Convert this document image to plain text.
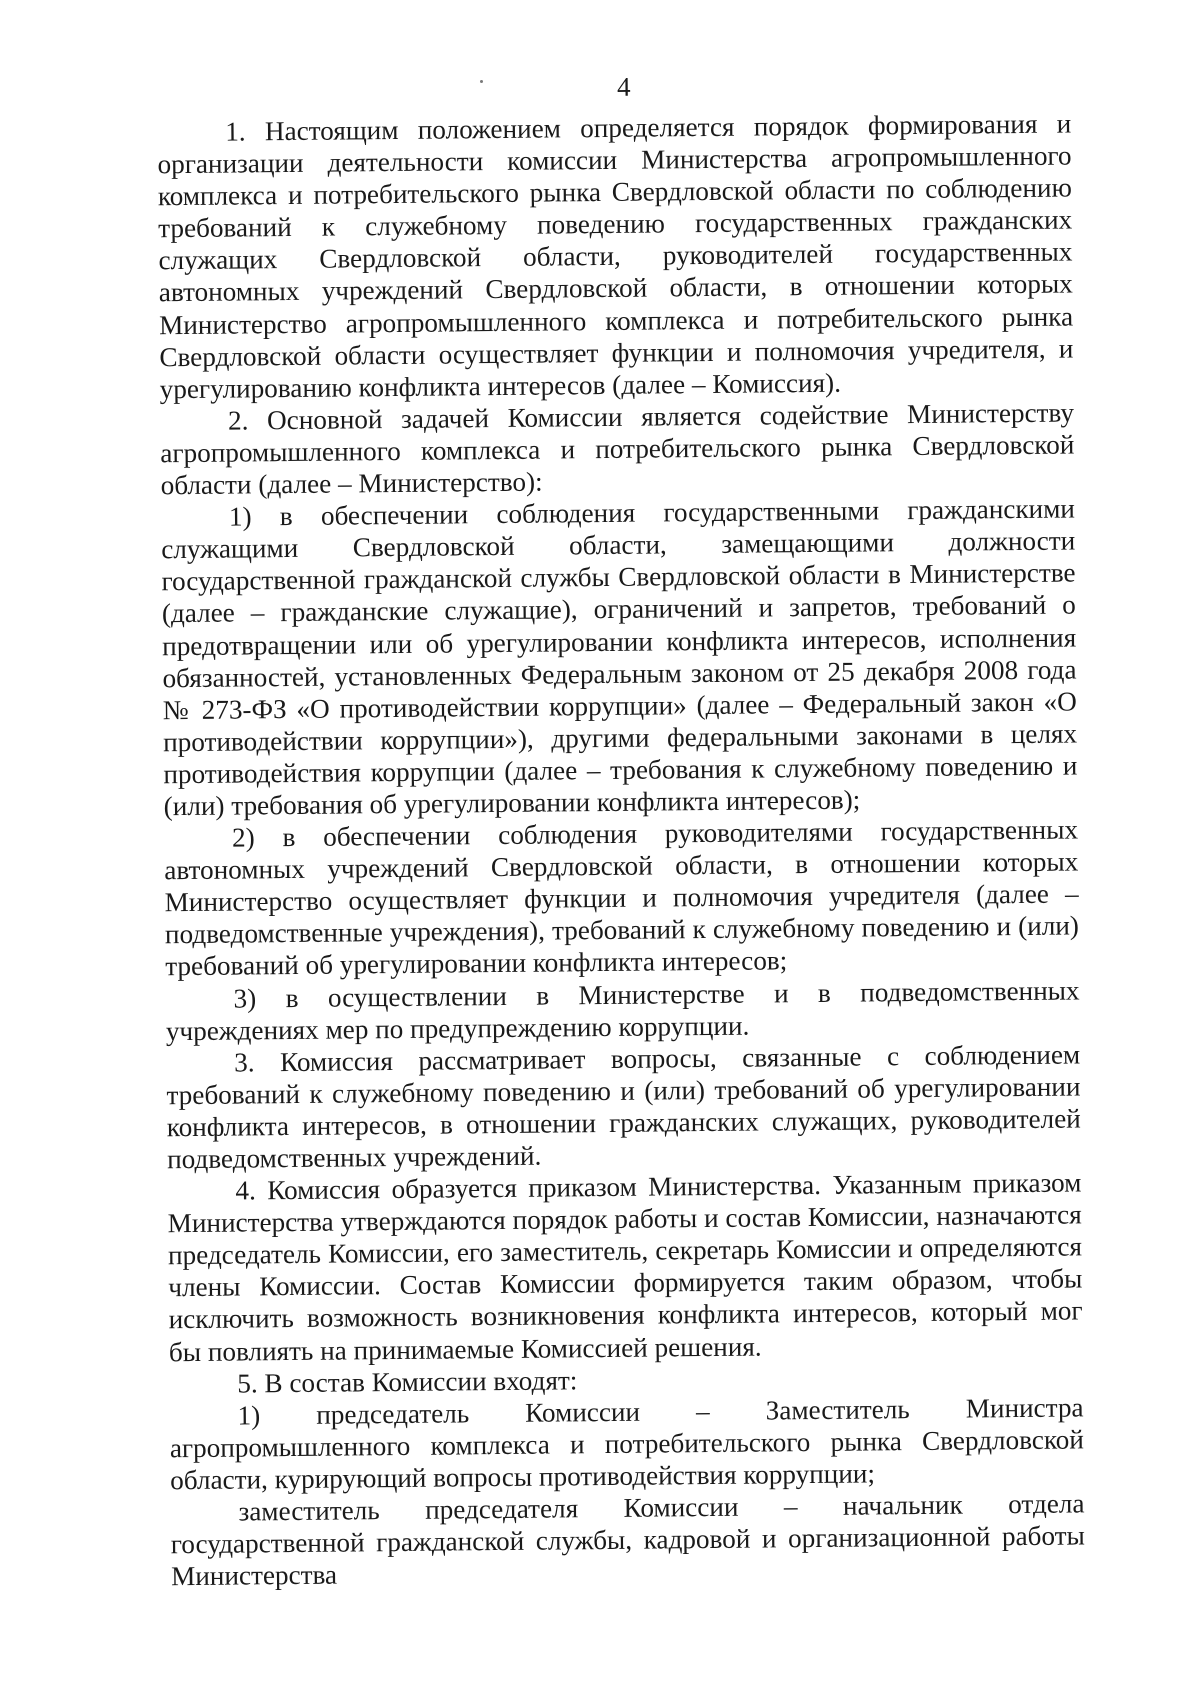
4

1. Настоящим положением определяется порядок формирования и организации деятельности комиссии Министерства агропромышленного комплекса и потребительского рынка Свердловской области по соблюдению требований к служебному поведению государственных гражданских служащих Свердловской области, руководителей государственных автономных учреждений Свердловской области, в отношении которых Министерство агропромышленного комплекса и потребительского рынка Свердловской области осуществляет функции и полномочия учредителя, и урегулированию конфликта интересов (далее – Комиссия).

2. Основной задачей Комиссии является содействие Министерству агропромышленного комплекса и потребительского рынка Свердловской области (далее – Министерство):

1) в обеспечении соблюдения государственными гражданскими служащими Свердловской области, замещающими должности государственной гражданской службы Свердловской области в Министерстве (далее – гражданские служащие), ограничений и запретов, требований о предотвращении или об урегулировании конфликта интересов, исполнения обязанностей, установленных Федеральным законом от 25 декабря 2008 года № 273-ФЗ «О противодействии коррупции» (далее – Федеральный закон «О противодействии коррупции»), другими федеральными законами в целях противодействия коррупции (далее – требования к служебному поведению и (или) требования об урегулировании конфликта интересов);

2) в обеспечении соблюдения руководителями государственных автономных учреждений Свердловской области, в отношении которых Министерство осуществляет функции и полномочия учредителя (далее – подведомственные учреждения), требований к служебному поведению и (или) требований об урегулировании конфликта интересов;

3) в осуществлении в Министерстве и в подведомственных учреждениях мер по предупреждению коррупции.

3. Комиссия рассматривает вопросы, связанные с соблюдением требований к служебному поведению и (или) требований об урегулировании конфликта интересов, в отношении гражданских служащих, руководителей подведомственных учреждений.

4. Комиссия образуется приказом Министерства. Указанным приказом Министерства утверждаются порядок работы и состав Комиссии, назначаются председатель Комиссии, его заместитель, секретарь Комиссии и определяются члены Комиссии. Состав Комиссии формируется таким образом, чтобы исключить возможность возникновения конфликта интересов, который мог бы повлиять на принимаемые Комиссией решения.

5. В состав Комиссии входят:

1) председатель Комиссии – Заместитель Министра агропромышленного комплекса и потребительского рынка Свердловской области, курирующий вопросы противодействия коррупции;

заместитель председателя Комиссии – начальник отдела государственной гражданской службы, кадровой и организационной работы Министерства
